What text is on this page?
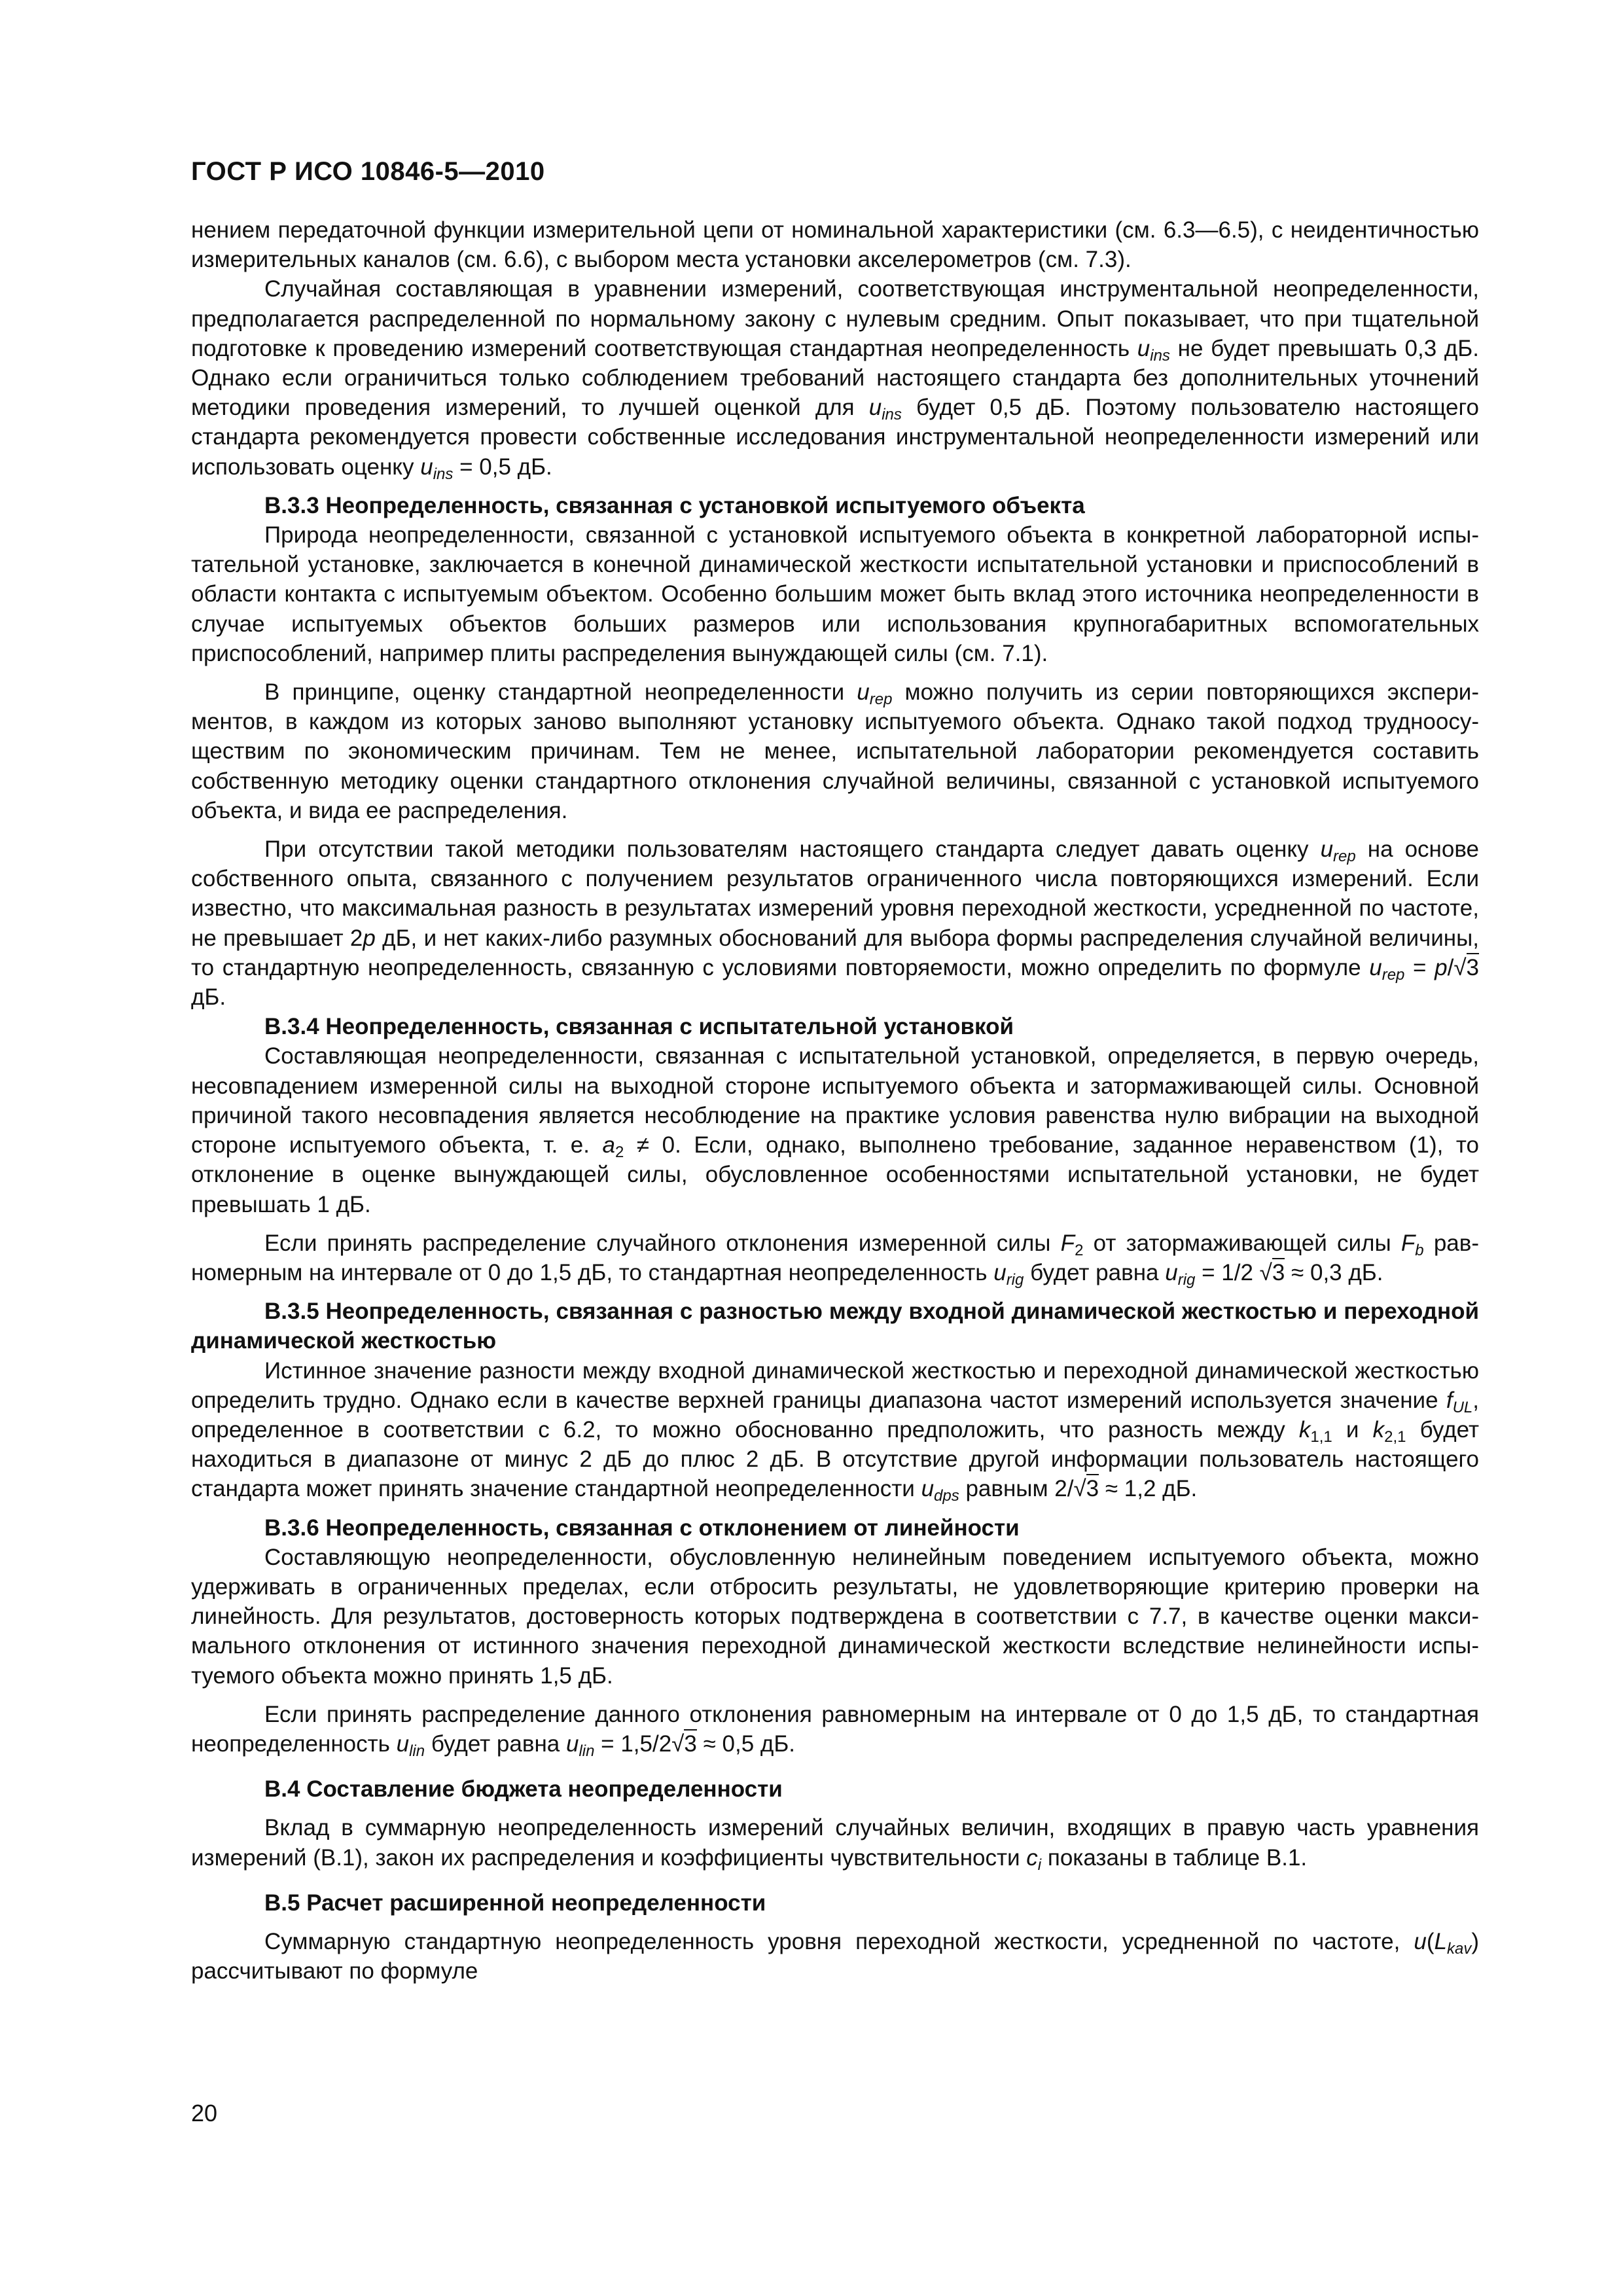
ГОСТ Р ИСО 10846-5—2010

нением передаточной функции измерительной цепи от номинальной характеристики (см. 6.3—6.5), с неидентичностью измерительных каналов (см. 6.6), с выбором места установки акселерометров (см. 7.3).

Случайная составляющая в уравнении измерений, соответствующая инструментальной неопределенности, предполагается распределенной по нормальному закону с нулевым средним. Опыт показывает, что при тщательной подготовке к проведению измерений соответствующая стандартная неопределенность $u_{ins}$ не будет превышать 0,3 дБ. Однако если ограничиться только соблюдением требований настоящего стандарта без дополнительных уточнений методики проведения измерений, то лучшей оценкой для $u_{ins}$ будет 0,5 дБ. Поэтому пользователю настоящего стандарта рекомендуется провести собственные исследования инструментальной неопределенности измерений или использовать оценку $u_{ins} = 0,5$ дБ.

В.3.3 Неопределенность, связанная с установкой испытуемого объекта

Природа неопределенности, связанной с установкой испытуемого объекта в конкретной лабораторной испытательной установке, заключается в конечной динамической жесткости испытательной установки и приспособлений в области контакта с испытуемым объектом. Особенно большим может быть вклад этого источника неопределенности в случае испытуемых объектов больших размеров или использования крупногабаритных вспомогательных приспособлений, например плиты распределения вынуждающей силы (см. 7.1).

В принципе, оценку стандартной неопределенности $u_{rep}$ можно получить из серии повторяющихся экспериментов, в каждом из которых заново выполняют установку испытуемого объекта. Однако такой подход труднoосуществим по экономическим причинам. Тем не менее, испытательной лаборатории рекомендуется составить собственную методику оценки стандартного отклонения случайной величины, связанной с установкой испытуемого объекта, и вида ее распределения.

При отсутствии такой методики пользователям настоящего стандарта следует давать оценку $u_{rep}$ на основе собственного опыта, связанного с получением результатов ограниченного числа повторяющихся измерений. Если известно, что максимальная разность в результатах измерений уровня переходной жесткости, усредненной по частоте, не превышает 2p дБ, и нет каких-либо разумных обоснований для выбора формы распределения случайной величины, то стандартную неопределенность, связанную с условиями повторяемости, можно определить по формуле $u_{rep} = p/√3$ дБ.

В.3.4 Неопределенность, связанная с испытательной установкой

Составляющая неопределенности, связанная с испытательной установкой, определяется, в первую очередь, несовпадением измеренной силы на выходной стороне испытуемого объекта и затормаживающей силы. Основной причиной такого несовпадения является несоблюдение на практике условия равенства нулю вибрации на выходной стороне испытуемого объекта, т. е. $a_2 \ne 0$. Если, однако, выполнено требование, заданное неравенством (1), то отклонение в оценке вынуждающей силы, обусловленное особенностями испытательной установки, не будет превышать 1 дБ.

Если принять распределение случайного отклонения измеренной силы $F_2$ от затормаживающей силы $F_b$ равномерным на интервале от 0 до 1,5 дБ, то стандартная неопределенность $u_{rig}$ будет равна $u_{rig} = 1/2$ √3 ≈ 0,3 дБ.

В.3.5 Неопределенность, связанная с разностью между входной динамической жесткостью и переходной динамической жесткостью

Истинное значение разности между входной динамической жесткостью и переходной динамической жесткостью определить трудно. Однако если в качестве верхней границы диапазона частот измерений используется значение $f_{UL}$, определенное в соответствии с 6.2, то можно обоснованно предположить, что разность между $k_{1,1}$ и $k_{2,1}$ будет находиться в диапазоне от минус 2 дБ до плюс 2 дБ. В отсутствие другой информации пользователь настоящего стандарта может принять значение стандартной неопределенности $u_{dps}$ равным 2/√3 ≈ 1,2 дБ.

В.3.6 Неопределенность, связанная с отклонением от линейности

Составляющую неопределенности, обусловленную нелинейным поведением испытуемого объекта, можно удерживать в ограниченных пределах, если отбросить результаты, не удовлетворяющие критерию проверки на линейность. Для результатов, достоверность которых подтверждена в соответствии с 7.7, в качестве оценки максимального отклонения от истинного значения переходной динамической жесткости вследствие нелинейности испытуемого объекта можно принять 1,5 дБ.

Если принять распределение данного отклонения равномерным на интервале от 0 до 1,5 дБ, то стандартная неопределенность $u_{lin}$ будет равна $u_{lin} = 1,5/2√3 \approx 0,5$ дБ.

В.4 Составление бюджета неопределенности

Вклад в суммарную неопределенность измерений случайных величин, входящих в правую часть уравнения измерений (В.1), закон их распределения и коэффициенты чувствительности $c_i$ показаны в таблице В.1.

В.5 Расчет расширенной неопределенности

Суммарную стандартную неопределенность уровня переходной жесткости, усредненной по частоте, $u(L_{kav})$ рассчитывают по формуле

20
